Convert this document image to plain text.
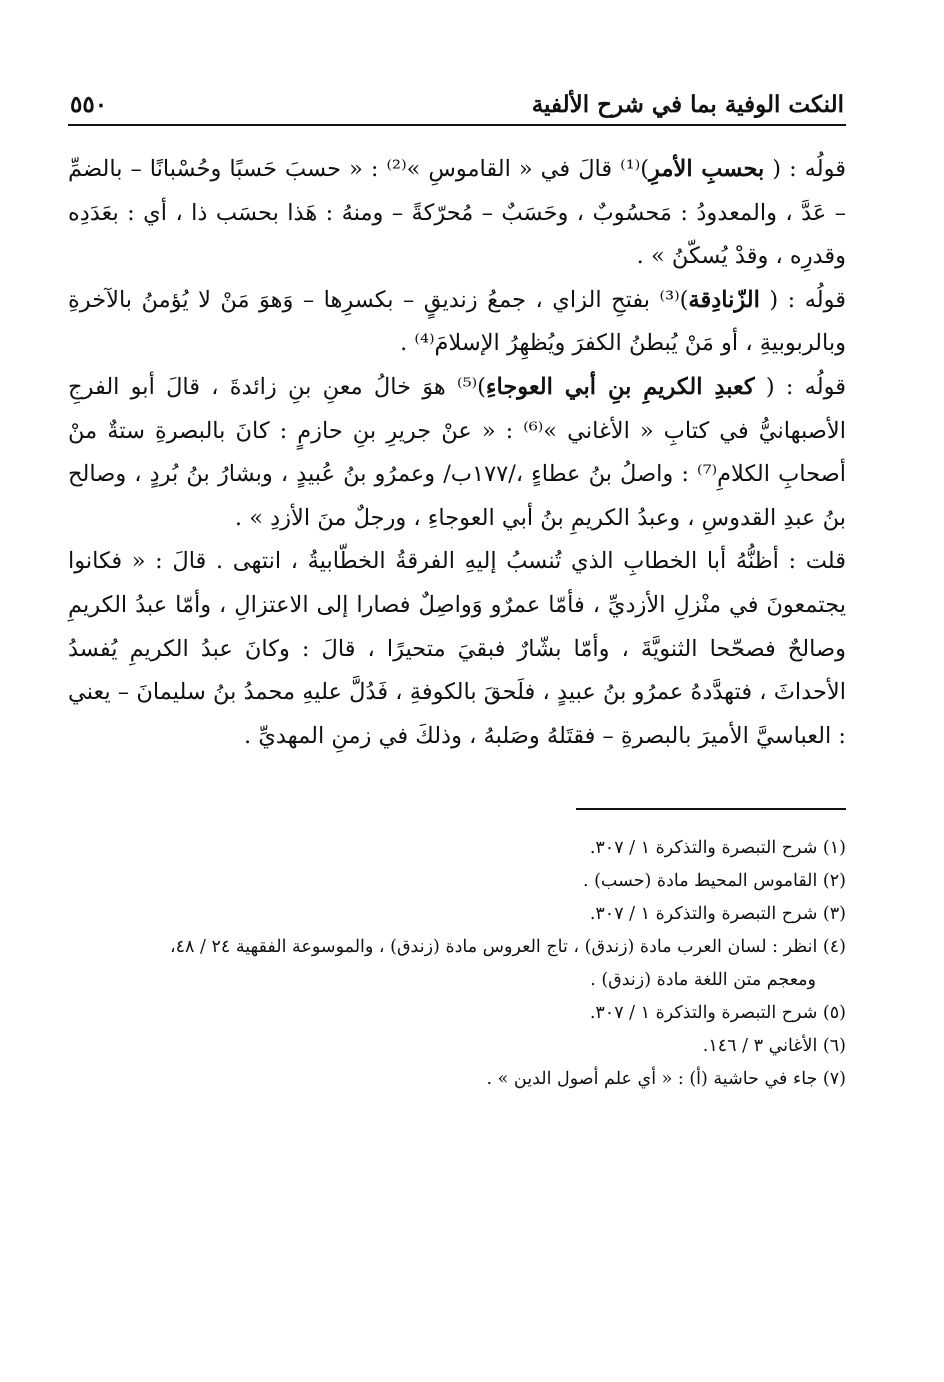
النكت الوفية بما في شرح الألفية
٥٥٠

قولُه : ( بحسبِ الأمرِ)⁽¹⁾ قالَ في « القاموسِ »⁽²⁾ : « حسبَ حَسبًا وحُسْبانًا – بالضمِّ – عَدَّ ، والمعدودُ : مَحسُوبٌ ، وحَسَبٌ – مُحرّكةً – ومنهُ : هَذا بحسَب ذا ، أي : بعَدَدِه وقدرِه ، وقدْ يُسكّنُ » .

قولُه : ( الزّنادِقة)⁽³⁾ بفتحِ الزاي ، جمعُ زنديقٍ – بكسرِها – وَهوَ مَنْ لا يُؤمنُ بالآخرةِ وبالربوبيةِ ، أو مَنْ يُبطنُ الكفرَ ويُظهِرُ الإسلامَ⁽⁴⁾ .

قولُه : ( كعبدِ الكريمِ بنِ أبي العوجاءِ)⁽⁵⁾ هوَ خالُ معنِ بنِ زائدةَ ، قالَ أبو الفرجِ الأصبهانيُّ في كتابِ « الأغاني »⁽⁶⁾ : « عنْ جريرِ بنِ حازمٍ : كانَ بالبصرةِ ستةٌ منْ أصحابِ الكلامِ⁽⁷⁾ : واصلُ بنُ عطاءٍ ،/١٧٧ب/ وعمرُو بنُ عُبيدٍ ، وبشارُ بنُ بُردٍ ، وصالح بنُ عبدِ القدوسِ ، وعبدُ الكريمِ بنُ أبي العوجاءِ ، ورجلٌ منَ الأزدِ » .

قلت : أظنُّهُ أبا الخطابِ الذي تُنسبُ إليهِ الفرقةُ الخطّابيةُ ، انتهى . قالَ : « فكانوا يجتمعونَ في منْزلِ الأزديِّ ، فأمّا عمرٌو وَواصِلٌ فصارا إلى الاعتزالِ ، وأمّا عبدُ الكريمِ وصالحٌ فصحّحا الثنويَّةَ ، وأمّا بشّارٌ فبقيَ متحيرًا ، قالَ : وكانَ عبدُ الكريمِ يُفسدُ الأحداثَ ، فتهدَّدهُ عمرُو بنُ عبيدٍ ، فلَحقَ بالكوفةِ ، فَدُلَّ عليهِ محمدُ بنُ سليمانَ – يعني : العباسيَّ الأميرَ بالبصرةِ – فقتَلهُ وصَلبهُ ، وذلكَ في زمنِ المهديِّ .

(١) شرح التبصرة والتذكرة ١ / ٣٠٧.

(٢) القاموس المحيط مادة (حسب) .

(٣) شرح التبصرة والتذكرة ١ / ٣٠٧.

(٤) انظر : لسان العرب مادة (زندق) ، تاج العروس مادة (زندق) ، والموسوعة الفقهية ٢٤ / ٤٨،

ومعجم متن اللغة مادة (زندق) .

(٥) شرح التبصرة والتذكرة ١ / ٣٠٧.

(٦) الأغاني ٣ / ١٤٦.

(٧) جاء في حاشية (أ) : « أي علم أصول الدين » .
